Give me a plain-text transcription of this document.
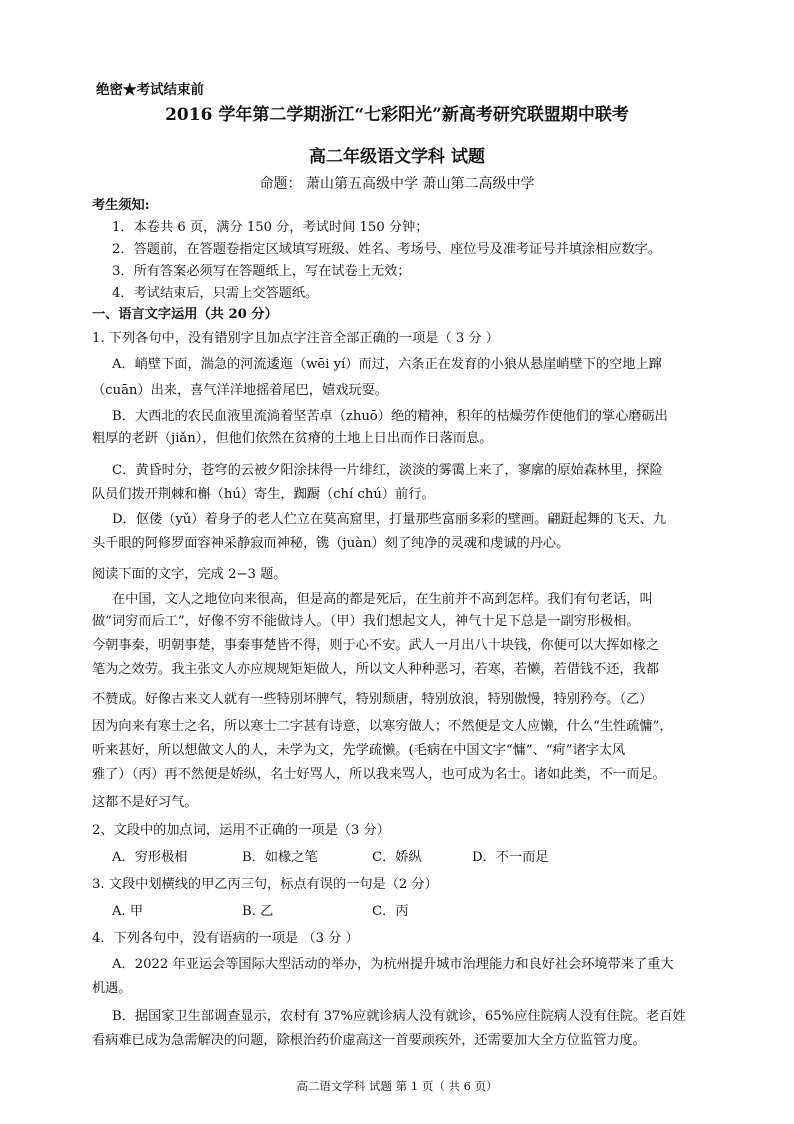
绝密★考试结束前
2016 学年第二学期浙江“七彩阳光”新高考研究联盟期中联考
高二年级语文学科 试题
命题： 萧山第五高级中学 萧山第二高级中学
考生须知:
1．本卷共 6 页，满分 150 分，考试时间 150 分钟；
2．答题前，在答题卷指定区域填写班级、姓名、考场号、座位号及准考证号并填涂相应数字。
3．所有答案必须写在答题纸上，写在试卷上无效；
4．考试结束后，只需上交答题纸。
一、语言文字运用（共 20 分）
1. 下列各句中，没有错别字且加点字注音全部正确的一项是（ 3 分 ）
A．峭壁下面，湍急的河流逶迤（wēi yí）而过，六条正在发育的小狼从悬崖峭壁下的空地上蹿
（cuān）出来，喜气洋洋地摇着尾巴，嬉戏玩耍。
B．大西北的农民血液里流淌着坚苦卓（zhuō）绝的精神，积年的枯燥劳作使他们的掌心磨砺出
粗厚的老趼（jiǎn），但他们依然在贫瘠的土地上日出而作日落而息。
C．黄昏时分，苍穹的云被夕阳涂抹得一片绯红，淡淡的雾霭上来了，寥廓的原始森林里，探险
队员们拨开荆棘和槲（hú）寄生，踟蹰（chí chú）前行。
D．伛偻（yǔ）着身子的老人伫立在莫高窟里，打量那些富丽多彩的壁画。翩跹起舞的飞天、九
头千眼的阿修罗面容神采静寂而神秘，镌（juàn）刻了纯净的灵魂和虔诚的丹心。
阅读下面的文字，完成 2−3 题。
在中国，文人之地位向来很高，但是高的都是死后，在生前并不高到怎样。我们有句老话，叫
做“词穷而后工”，好像不穷不能做诗人。（甲）我们想起文人，神气十足下总是一副穷形极相。
今朝事秦，明朝事楚，事秦事楚皆不得，则于心不安。武人一月出八十块钱，你便可以大挥如椽之
笔为之效劳。我主张文人亦应规规矩矩做人，所以文人种种恶习，若寒，若懒，若借钱不还，我都
不赞成。好像古来文人就有一些特別坏脾气，特别颓唐，特别放浪，特别傲慢，特别矜夸。（乙）
因为向来有寒士之名，所以寒士二字甚有诗意，以寒穷做人；不然便是文人应懒，什么“生性疏慵”，
听来甚好，所以想做文人的人，未学为文，先学疏懒。(毛病在中国文字“慵”、“疴”诸字太风
雅了）（丙）再不然便是娇纵，名士好骂人，所以我来骂人，也可成为名士。诸如此类，不一而足。
这都不是好习气。
2、文段中的加点词，运用不正确的一项是（3 分）
A．穷形极相	B．如椽之笔	C．娇纵	D．不一而足
3. 文段中划横线的甲乙丙三句，标点有误的一句是（2 分）
A. 甲	B. 乙	C．丙
4．下列各句中，没有语病的一项是 （3 分 ）
A．2022 年亚运会等国际大型活动的举办，为杭州提升城市治理能力和良好社会环境带来了重大
机遇。
B．据国家卫生部调查显示，农村有 37%应就诊病人没有就诊，65%应住院病人没有住院。老百姓
看病难已成为急需解决的问题，除根治药价虚高这一首要顽疾外，还需要加大全方位监管力度。
高二语文学科 试题 第 1 页（ 共 6 页）
